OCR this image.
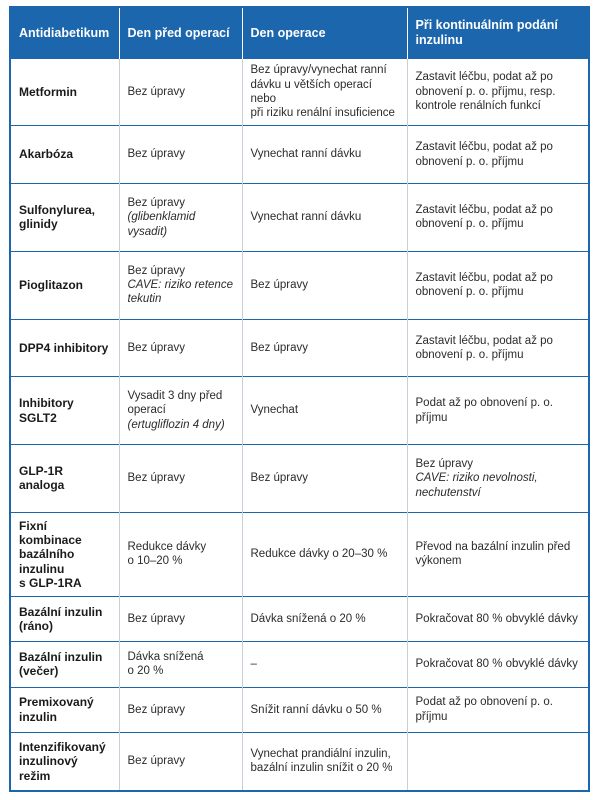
Antidiabetikum	Den před operací	Den operace	Při kontinuálním podání inzulinu

Metformin	Bez úpravy	Bez úpravy/vynechat ranní
dávku u větších operací nebo
při riziku renální insuficience	Zastavit léčbu, podat až po
obnovení p. o. příjmu, resp.
kontrole renálních funkcí

Akarbóza	Bez úpravy	Vynechat ranní dávku	Zastavit léčbu, podat až po
obnovení p. o. příjmu

Sulfonylurea,
glinidy	Bez úpravy
(glibenklamid vysadit)	Vynechat ranní dávku	Zastavit léčbu, podat až po
obnovení p. o. příjmu

Pioglitazon	Bez úpravy
CAVE: riziko retence tekutin	Bez úpravy	Zastavit léčbu, podat až po
obnovení p. o. příjmu

DPP4 inhibitory	Bez úpravy	Bez úpravy	Zastavit léčbu, podat až po
obnovení p. o. příjmu

Inhibitory SGLT2	Vysadit 3 dny před
operací
(ertugliflozin 4 dny)	Vynechat	Podat až po obnovení p. o. příjmu

GLP-1R analoga	Bez úpravy	Bez úpravy	Bez úpravy
CAVE: riziko nevolnosti, nechutenství

Fixní kombinace
bazálního
inzulinu
s GLP-1RA	Redukce dávky
o 10–20 %	Redukce dávky o 20–30 %	Převod na bazální inzulin před
výkonem

Bazální inzulin
(ráno)	Bez úpravy	Dávka snížená o 20 %	Pokračovat 80 % obvyklé dávky

Bazální inzulin
(večer)	Dávka snížená
o 20 %	–	Pokračovat 80 % obvyklé dávky

Premixovaný
inzulin	Bez úpravy	Snížit ranní dávku o 50 %	Podat až po obnovení p. o. příjmu

Intenzifikovaný
inzulinový režim	Bez úpravy	Vynechat prandiální inzulin,
bazální inzulin snížit o 20 %	
